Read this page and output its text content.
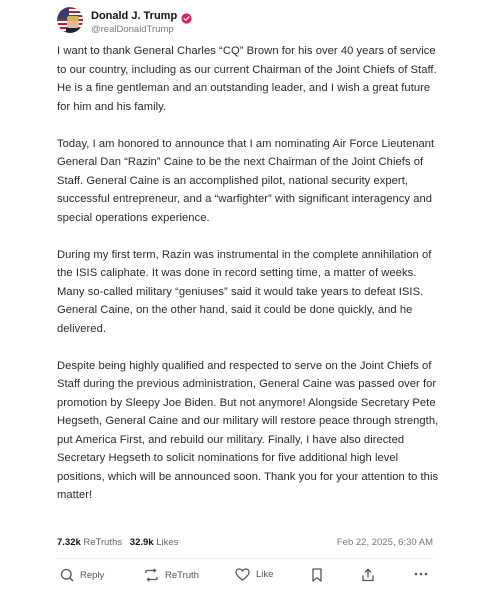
Donald J. Trump
@realDonaldTrump

I want to thank General Charles “CQ” Brown for his over 40 years of service to our country, including as our current Chairman of the Joint Chiefs of Staff. He is a fine gentleman and an outstanding leader, and I wish a great future for him and his family.

Today, I am honored to announce that I am nominating Air Force Lieutenant General Dan “Razin” Caine to be the next Chairman of the Joint Chiefs of Staff. General Caine is an accomplished pilot, national security expert, successful entrepreneur, and a “warfighter” with significant interagency and special operations experience.

During my first term, Razin was instrumental in the complete annihilation of the ISIS caliphate. It was done in record setting time, a matter of weeks. Many so-called military “geniuses” said it would take years to defeat ISIS. General Caine, on the other hand, said it could be done quickly, and he delivered.

Despite being highly qualified and respected to serve on the Joint Chiefs of Staff during the previous administration, General Caine was passed over for promotion by Sleepy Joe Biden. But not anymore! Alongside Secretary Pete Hegseth, General Caine and our military will restore peace through strength, put America First, and rebuild our military. Finally, I have also directed Secretary Hegseth to solicit nominations for five additional high level positions, which will be announced soon. Thank you for your attention to this matter!

7.32k ReTruths 32.9k Likes	Feb 22, 2025, 6:30 AM
Reply	ReTruth	Like
